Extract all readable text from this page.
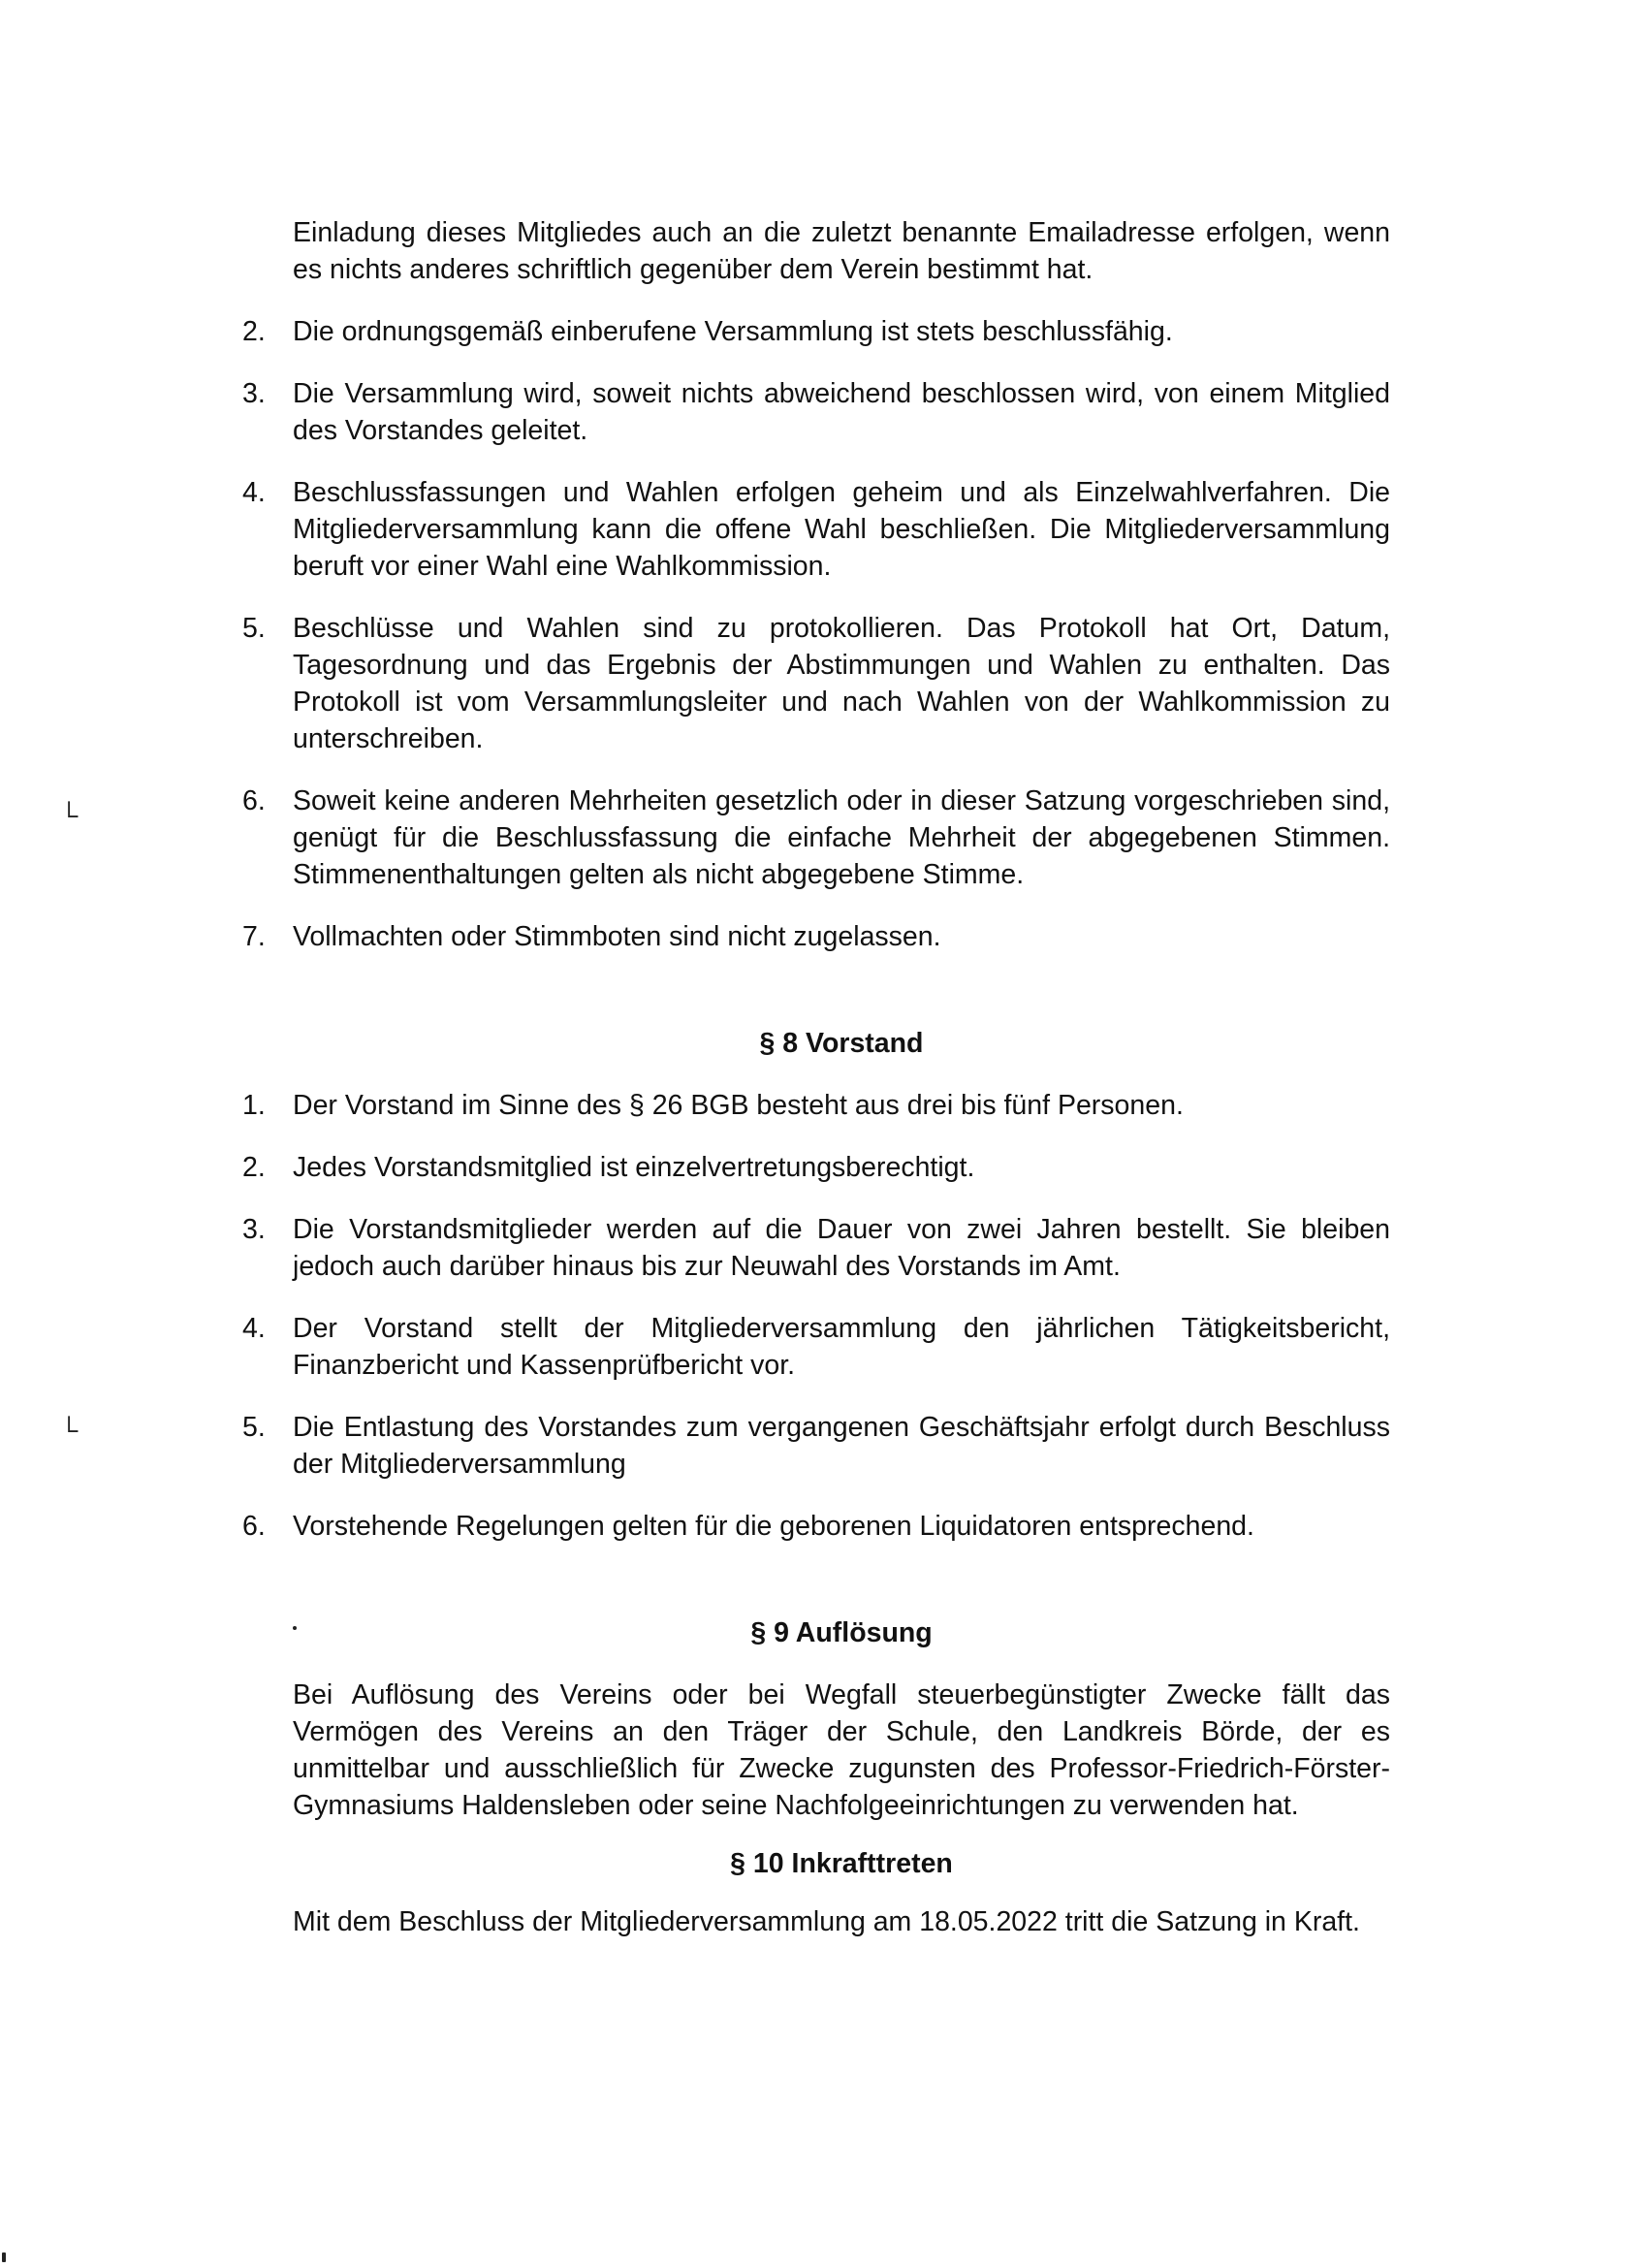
└
└

Einladung dieses Mitgliedes auch an die zuletzt benannte Emailadresse erfolgen, wenn es nichts anderes schriftlich gegenüber dem Verein bestimmt hat.

2. Die ordnungsgemäß einberufene Versammlung ist stets beschlussfähig.
3. Die Versammlung wird, soweit nichts abweichend beschlossen wird, von einem Mitglied des Vorstandes geleitet.
4. Beschlussfassungen und Wahlen erfolgen geheim und als Einzelwahlverfahren. Die Mitgliederversammlung kann die offene Wahl beschließen. Die Mitgliederversammlung beruft vor einer Wahl eine Wahlkommission.
5. Beschlüsse und Wahlen sind zu protokollieren. Das Protokoll hat Ort, Datum, Tagesordnung und das Ergebnis der Abstimmungen und Wahlen zu enthalten. Das Protokoll ist vom Versammlungsleiter und nach Wahlen von der Wahlkommission zu unterschreiben.
6. Soweit keine anderen Mehrheiten gesetzlich oder in dieser Satzung vorgeschrieben sind, genügt für die Beschlussfassung die einfache Mehrheit der abgegebenen Stimmen. Stimmenenthaltungen gelten als nicht abgegebene Stimme.
7. Vollmachten oder Stimmboten sind nicht zugelassen.
§ 8 Vorstand
1. Der Vorstand im Sinne des § 26 BGB besteht aus drei bis fünf Personen.
2. Jedes Vorstandsmitglied ist einzelvertretungsberechtigt.
3. Die Vorstandsmitglieder werden auf die Dauer von zwei Jahren bestellt. Sie bleiben jedoch auch darüber hinaus bis zur Neuwahl des Vorstands im Amt.
4. Der Vorstand stellt der Mitgliederversammlung den jährlichen Tätigkeitsbericht, Finanzbericht und Kassenprüfbericht vor.
5. Die Entlastung des Vorstandes zum vergangenen Geschäftsjahr erfolgt durch Beschluss der Mitgliederversammlung
6. Vorstehende Regelungen gelten für die geborenen Liquidatoren entsprechend.
§ 9 Auflösung

Bei Auflösung des Vereins oder bei Wegfall steuerbegünstigter Zwecke fällt das Vermögen des Vereins an den Träger der Schule, den Landkreis Börde, der es unmittelbar und ausschließlich für Zwecke zugunsten des Professor-Friedrich-Förster-Gymnasiums Haldensleben oder seine Nachfolgeeinrichtungen zu verwenden hat.

§ 10 Inkrafttreten

Mit dem Beschluss der Mitgliederversammlung am 18.05.2022 tritt die Satzung in Kraft.
